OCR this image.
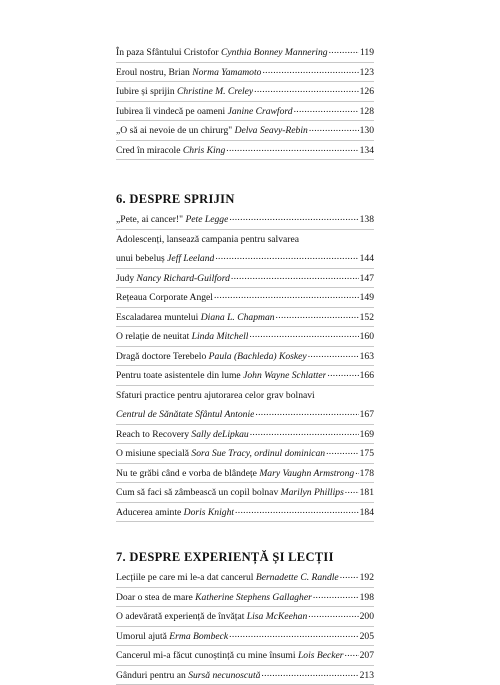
În paza Sfântului Cristofor Cynthia Bonney Mannering .....	119
Eroul nostru, Brian Norma Yamamoto .....	123
Iubire și sprijin Christine M. Creley .....	126
Iubirea îi vindecă pe oameni Janine Crawford .....	128
„O să ai nevoie de un chirurg" Delva Seavy-Rebin .....	130
Cred în miracole Chris King .....	134
6. DESPRE SPRIJIN
„Pete, ai cancer!" Pete Legge .....	138
Adolescenți, lansează campania pentru salvarea
unui bebeluș Jeff Leeland .....	144
Judy Nancy Richard-Guilford .....	147
Rețeaua Corporate Angel .....	149
Escaladarea muntelui Diana L. Chapman .....	152
O relație de neuitat Linda Mitchell .....	160
Dragă doctore Terebelo Paula (Bachleda) Koskey .....	163
Pentru toate asistentele din lume John Wayne Schlatter .....	166
Sfaturi practice pentru ajutorarea celor grav bolnavi
Centrul de Sănătate Sfântul Antonie .....	167
Reach to Recovery Sally deLipkau .....	169
O misiune specială Sora Sue Tracy, ordinul dominican .....	175
Nu te grăbi când e vorba de blândețe Mary Vaughn Armstrong ..... 178
Cum să faci să zâmbească un copil bolnav Marilyn Phillips ..... 181
Aducerea aminte Doris Knight .....	184
7. DESPRE EXPERIENȚĂ ȘI LECȚII
Lecțiile pe care mi le-a dat cancerul Bernadette C. Randle ..... 192
Doar o stea de mare Katherine Stephens Gallagher .....	198
O adevărată experiență de învățat Lisa McKeehan .....	200
Umorul ajută Erma Bombeck .....	205
Cancerul mi-a făcut cunoștință cu mine însumi Lois Becker ..... 207
Gânduri pentru an Sursă necunoscută .....	213
